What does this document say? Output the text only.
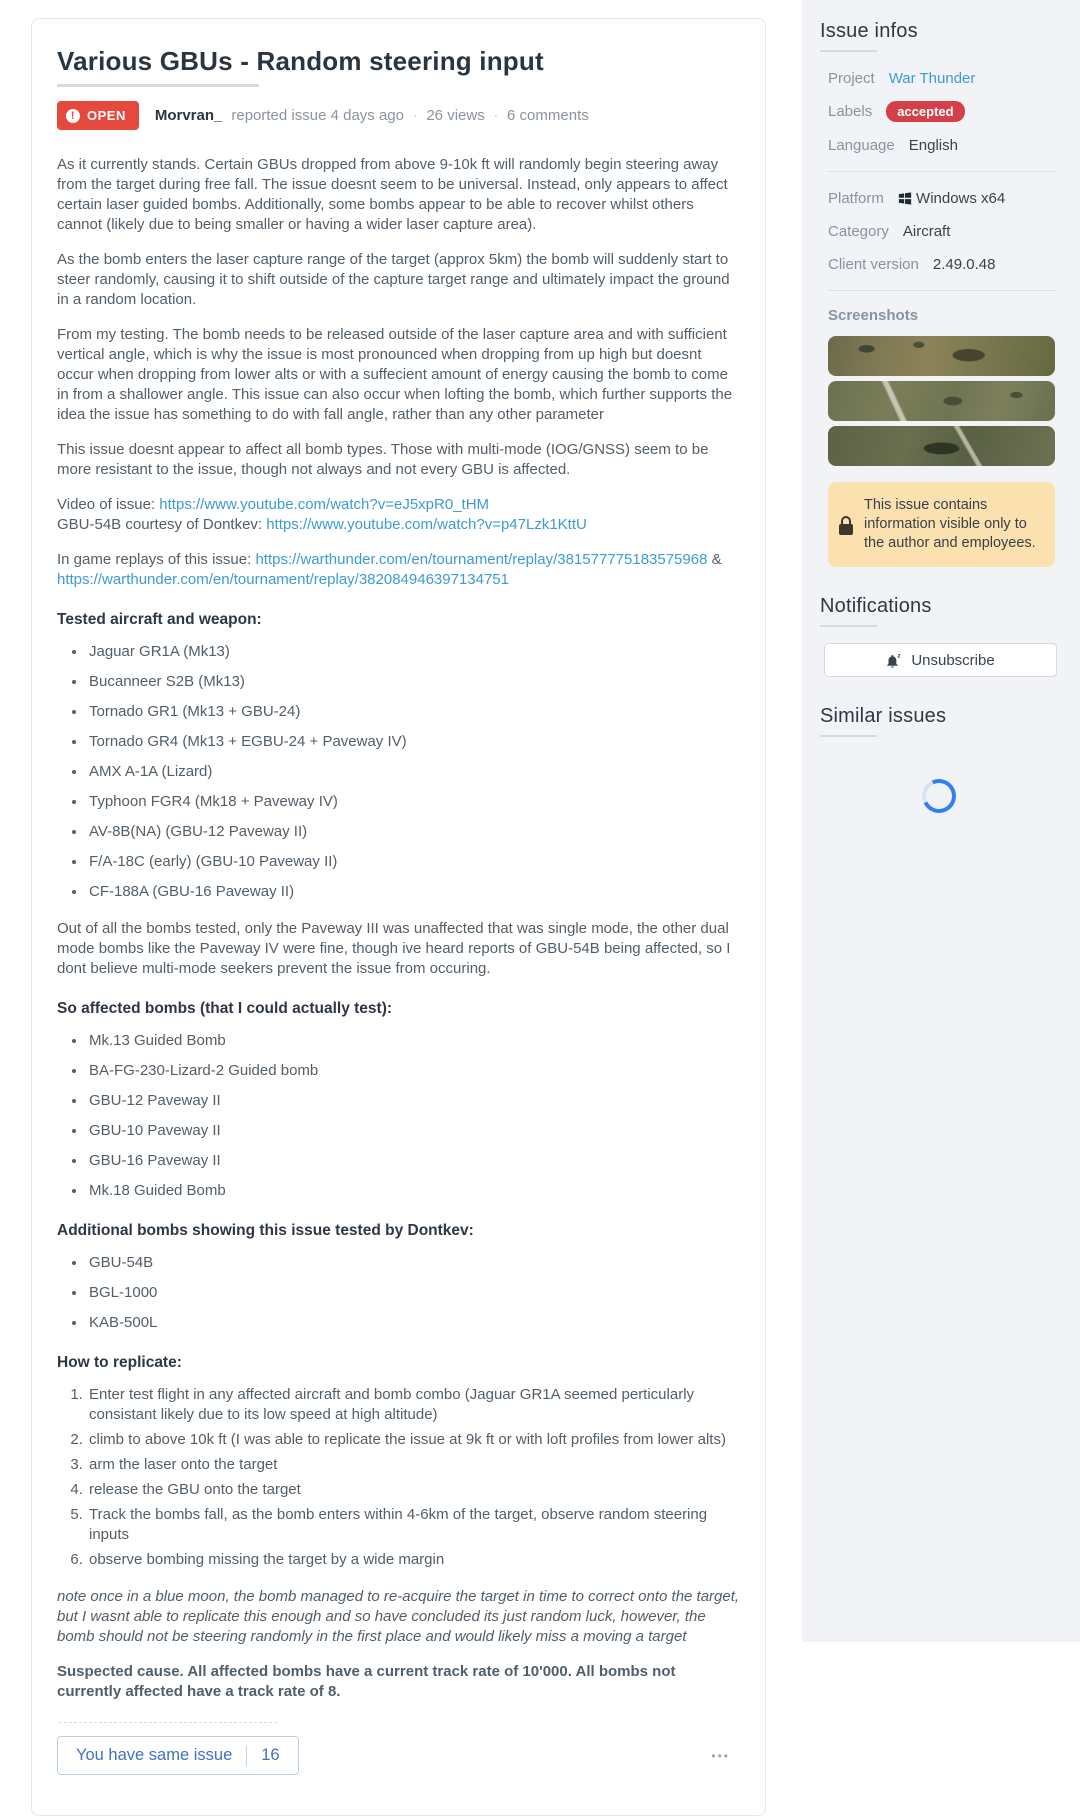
Issue infos
Project War Thunder
Labels	accepted
Language English
Platform	Windows x64
Category Aircraft
Client version 2.49.0.48
Screenshots
This issue contains information visible only to the author and employees.
Notifications
z Unsubscribe
Similar issues
Various GBUs - Random steering input
! OPEN Morvran_ reported issue 4 days ago · 26 views · 6 comments

As it currently stands. Certain GBUs dropped from above 9-10k ft will randomly begin steering away from the target during free fall. The issue doesnt seem to be universal. Instead, only appears to affect certain laser guided bombs. Additionally, some bombs appear to be able to recover whilst others cannot (likely due to being smaller or having a wider laser capture area).

As the bomb enters the laser capture range of the target (approx 5km) the bomb will suddenly start to steer randomly, causing it to shift outside of the capture target range and ultimately impact the ground in a random location.

From my testing. The bomb needs to be released outside of the laser capture area and with sufficient vertical angle, which is why the issue is most pronounced when dropping from up high but doesnt occur when dropping from lower alts or with a suffecient amount of energy causing the bomb to come in from a shallower angle. This issue can also occur when lofting the bomb, which further supports the idea the issue has something to do with fall angle, rather than any other parameter

This issue doesnt appear to affect all bomb types. Those with multi-mode (IOG/GNSS) seem to be more resistant to the issue, though not always and not every GBU is affected.

Video of issue: https://www.youtube.com/watch?v=eJ5xpR0_tHM
GBU-54B courtesy of Dontkev: https://www.youtube.com/watch?v=p47Lzk1KttU

In game replays of this issue: https://warthunder.com/en/tournament/replay/381577775183575968 & https://warthunder.com/en/tournament/replay/382084946397134751

Tested aircraft and weapon:
• Jaguar GR1A (Mk13)
• Bucanneer S2B (Mk13)
• Tornado GR1 (Mk13 + GBU-24)
• Tornado GR4 (Mk13 + EGBU-24 + Paveway IV)
• AMX A-1A (Lizard)
• Typhoon FGR4 (Mk18 + Paveway IV)
• AV-8B(NA) (GBU-12 Paveway II)
• F/A-18C (early) (GBU-10 Paveway II)
• CF-188A (GBU-16 Paveway II)

Out of all the bombs tested, only the Paveway III was unaffected that was single mode, the other dual mode bombs like the Paveway IV were fine, though ive heard reports of GBU-54B being affected, so I dont believe multi-mode seekers prevent the issue from occuring.

So affected bombs (that I could actually test):
• Mk.13 Guided Bomb
• BA-FG-230-Lizard-2 Guided bomb
• GBU-12 Paveway II
• GBU-10 Paveway II
• GBU-16 Paveway II
• Mk.18 Guided Bomb
Additional bombs showing this issue tested by Dontkev:
• GBU-54B
• BGL-1000
• KAB-500L
How to replicate:
1. Enter test flight in any affected aircraft and bomb combo (Jaguar GR1A seemed perticularly consistant likely due to its low speed at high altitude)
2. climb to above 10k ft (I was able to replicate the issue at 9k ft or with loft profiles from lower alts)
3. arm the laser onto the target
4. release the GBU onto the target
5. Track the bombs fall, as the bomb enters within 4-6km of the target, observe random steering inputs
6. observe bombing missing the target by a wide margin

note once in a blue moon, the bomb managed to re-acquire the target in time to correct onto the target, but I wasnt able to replicate this enough and so have concluded its just random luck, however, the bomb should not be steering randomly in the first place and would likely miss a moving a target

Suspected cause. All affected bombs have a current track rate of 10'000. All bombs not currently affected have a track rate of 8.

You have same issue 16	•••
